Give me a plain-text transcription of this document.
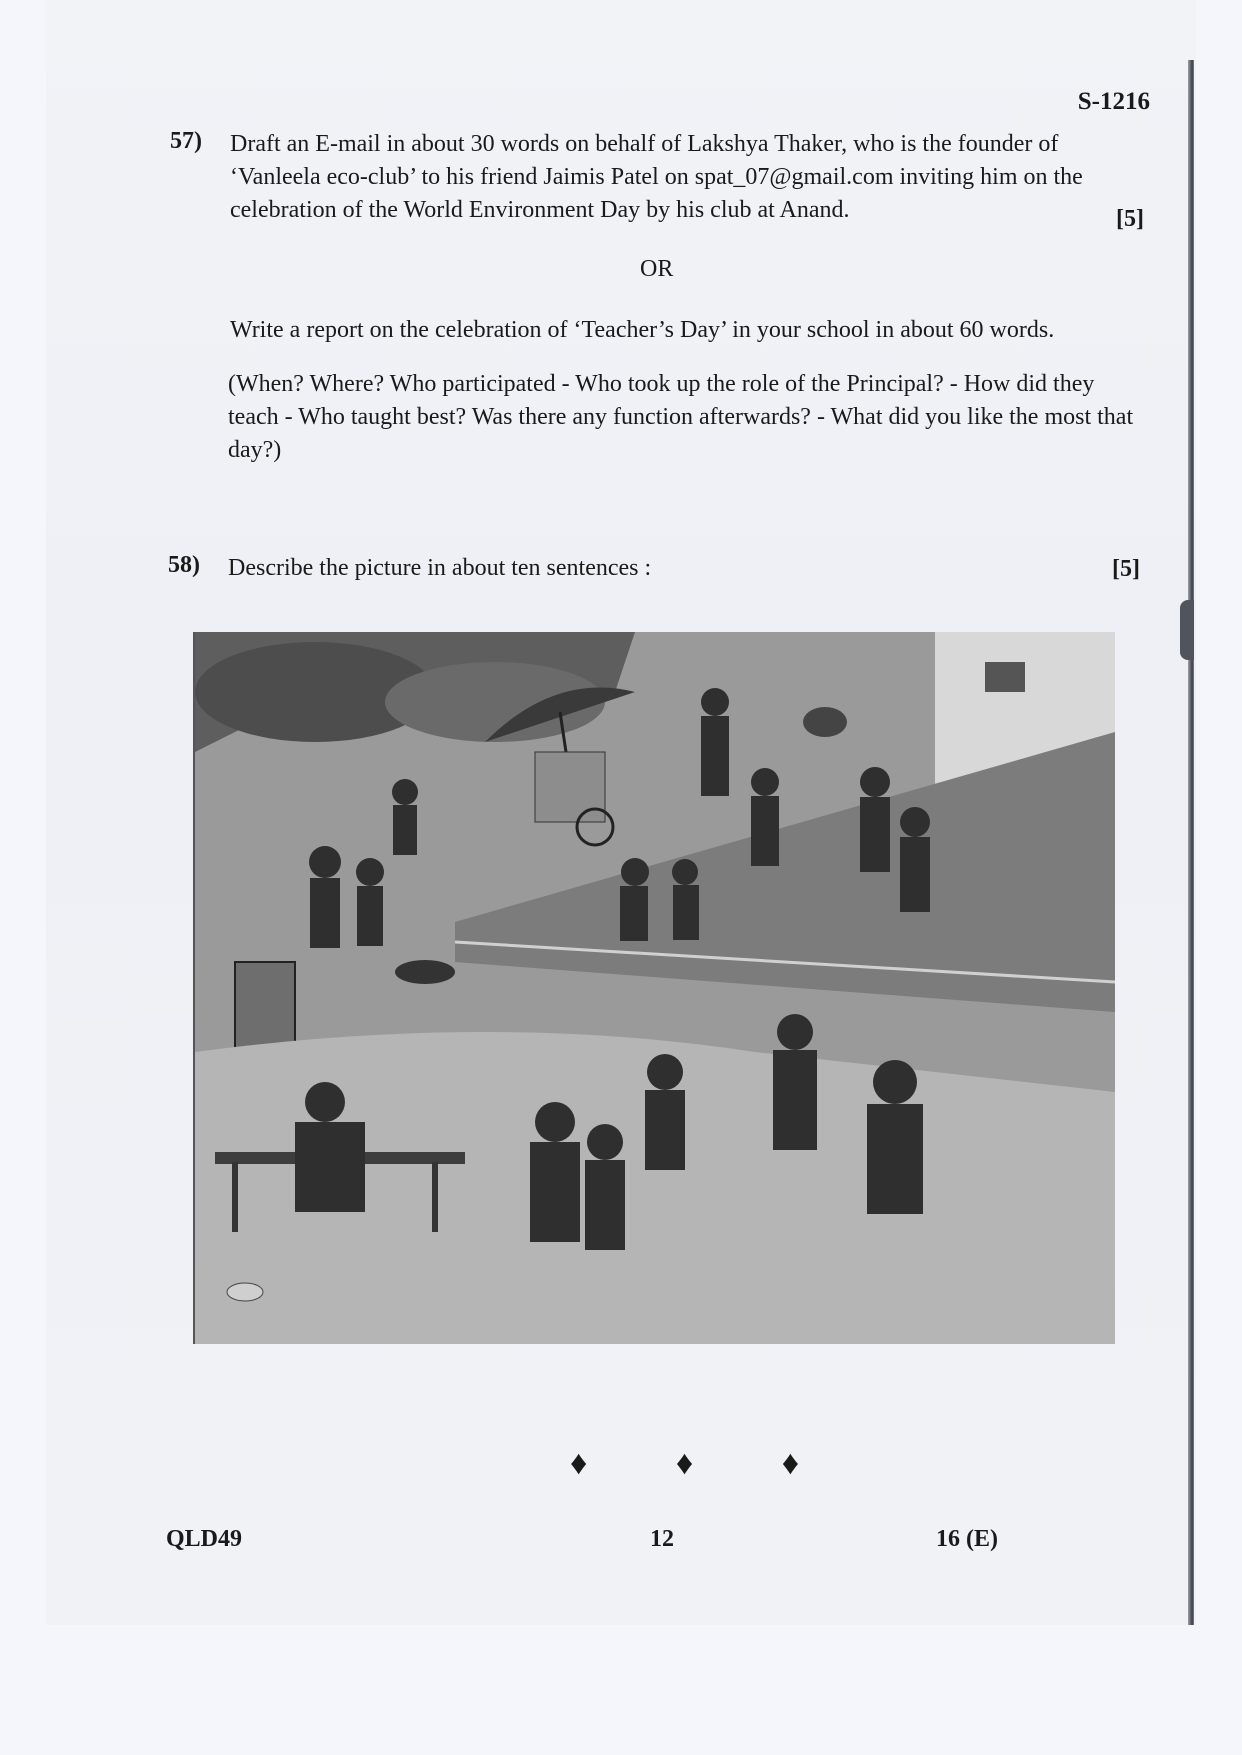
S-1216
57) Draft an E-mail in about 30 words on behalf of Lakshya Thaker, who is the founder of ‘Vanleela eco-club’ to his friend Jaimis Patel on spat_07@gmail.com inviting him on the celebration of the World Environment Day by his club at Anand.	[5]
OR
Write a report on the celebration of ‘Teacher’s Day’ in your school in about 60 words.
(When? Where? Who participated - Who took up the role of the Principal? - How did they teach - Who taught best? Was there any function afterwards? - What did you like the most that day?)
58) Describe the picture in about ten sentences :	[5]
♦ ♦ ♦
QLD49	12	16 (E)
